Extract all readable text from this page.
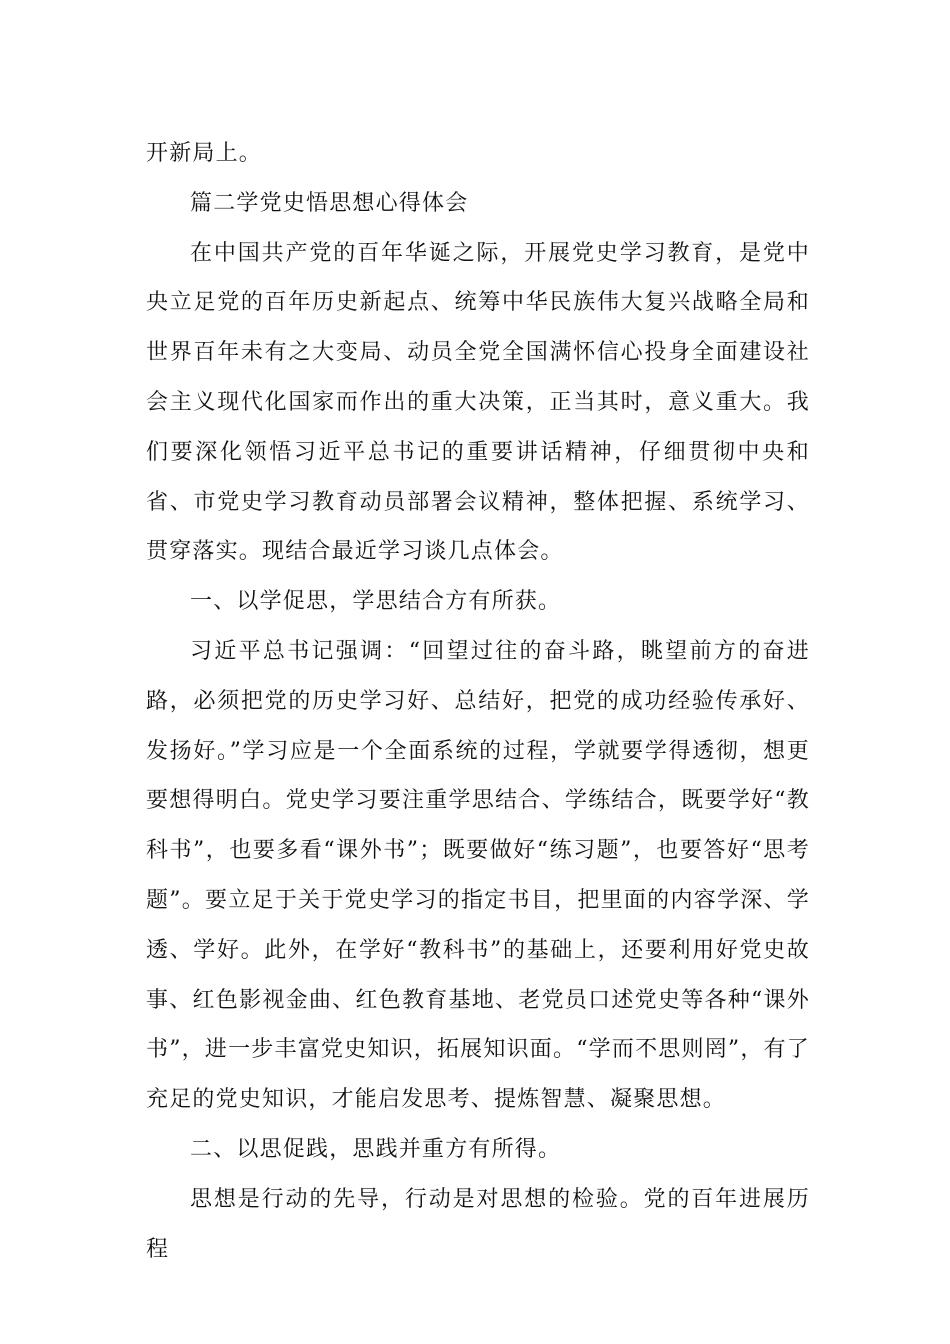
开新局上。

篇二学党史悟思想心得体会

在中国共产党的百年华诞之际，开展党史学习教育，是党中央立足党的百年历史新起点、统筹中华民族伟大复兴战略全局和世界百年未有之大变局、动员全党全国满怀信心投身全面建设社会主义现代化国家而作出的重大决策，正当其时，意义重大。我们要深化领悟习近平总书记的重要讲话精神，仔细贯彻中央和省、市党史学习教育动员部署会议精神，整体把握、系统学习、贯穿落实。现结合最近学习谈几点体会。

一、以学促思，学思结合方有所获。

习近平总书记强调：“回望过往的奋斗路，眺望前方的奋进路，必须把党的历史学习好、总结好，把党的成功经验传承好、发扬好。”学习应是一个全面系统的过程，学就要学得透彻，想更要想得明白。党史学习要注重学思结合、学练结合，既要学好“教科书”，也要多看“课外书”；既要做好“练习题”，也要答好“思考题”。要立足于关于党史学习的指定书目，把里面的内容学深、学透、学好。此外，在学好“教科书”的基础上，还要利用好党史故事、红色影视金曲、红色教育基地、老党员口述党史等各种“课外书”，进一步丰富党史知识，拓展知识面。“学而不思则罔”，有了充足的党史知识，才能启发思考、提炼智慧、凝聚思想。

二、以思促践，思践并重方有所得。

思想是行动的先导，行动是对思想的检验。党的百年进展历程
